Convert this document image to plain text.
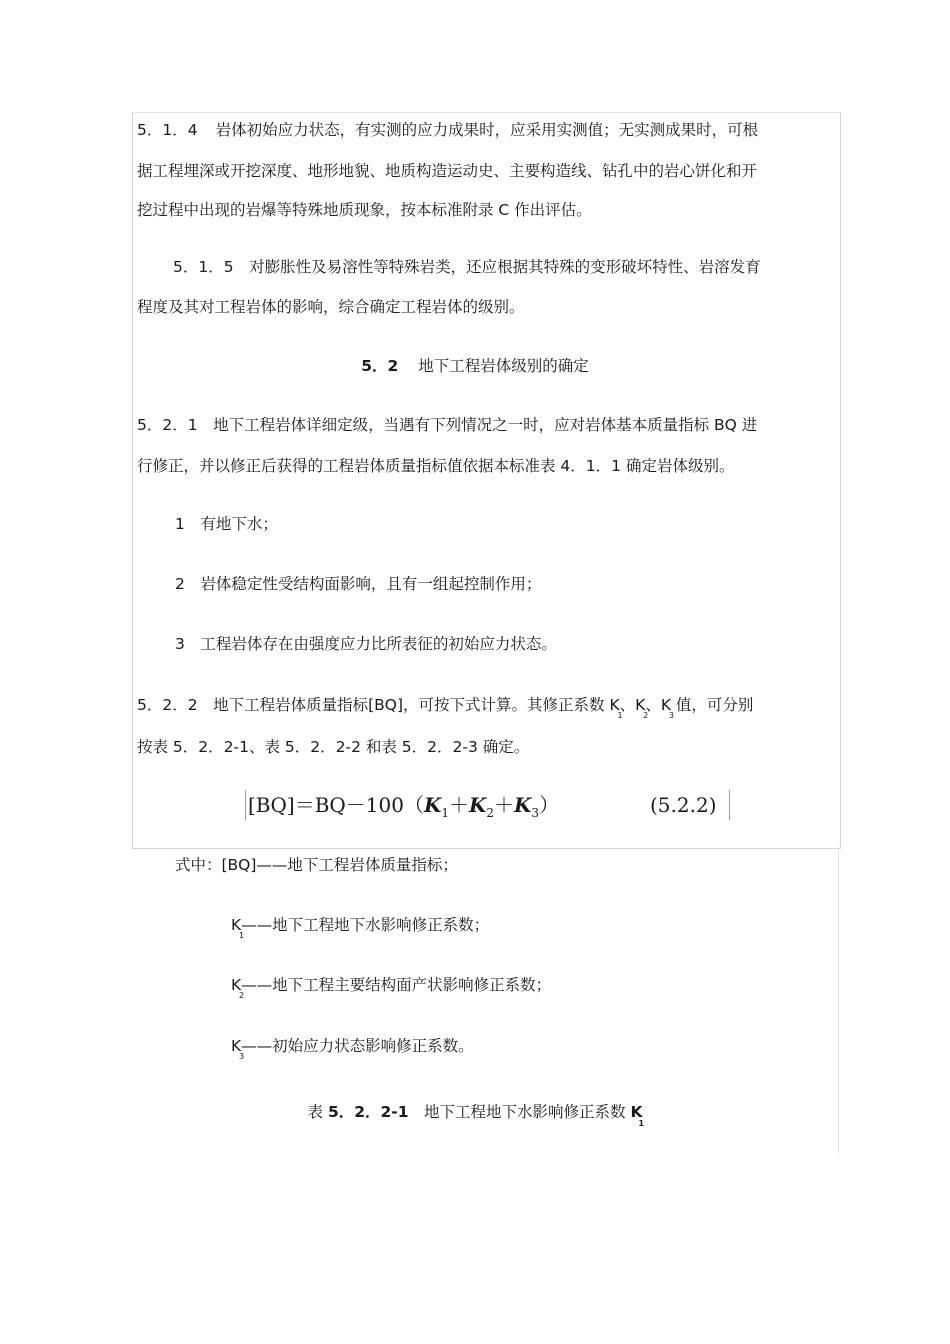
5．1．4 岩体初始应力状态，有实测的应力成果时，应采用实测值；无实测成果时，可根
据工程埋深或开挖深度、地形地貌、地质构造运动史、主要构造线、钻孔中的岩心饼化和开
挖过程中出现的岩爆等特殊地质现象，按本标准附录 C 作出评估。
5．1．5　对膨胀性及易溶性等特殊岩类，还应根据其特殊的变形破坏特性、岩溶发育
程度及其对工程岩体的影响，综合确定工程岩体的级别。
5．2 地下工程岩体级别的确定
5．2．1　地下工程岩体详细定级，当遇有下列情况之一时，应对岩体基本质量指标 BQ 进
行修正，并以修正后获得的工程岩体质量指标值依据本标准表 4．1．1 确定岩体级别。
1　有地下水；
2　岩体稳定性受结构面影响，且有一组起控制作用；
3　工程岩体存在由强度应力比所表征的初始应力状态。
5．2．2　地下工程岩体质量指标[BQ]，可按下式计算。其修正系数 K
1
、K
2
、K
3
值，可分别
按表 5．2．2-1、表 5．2．2-2 和表 5．2．2-3 确定。
$[BQ]=BQ-100(K_1+K_2+K_3)$	(5.2.2)
式中：[BQ]——地下工程岩体质量指标；
K
1
——地下工程地下水影响修正系数；
K
2
——地下工程主要结构面产状影响修正系数；
K
3
——初始应力状态影响修正系数。
表 5．2．2-1　地下工程地下水影响修正系数 K
1
